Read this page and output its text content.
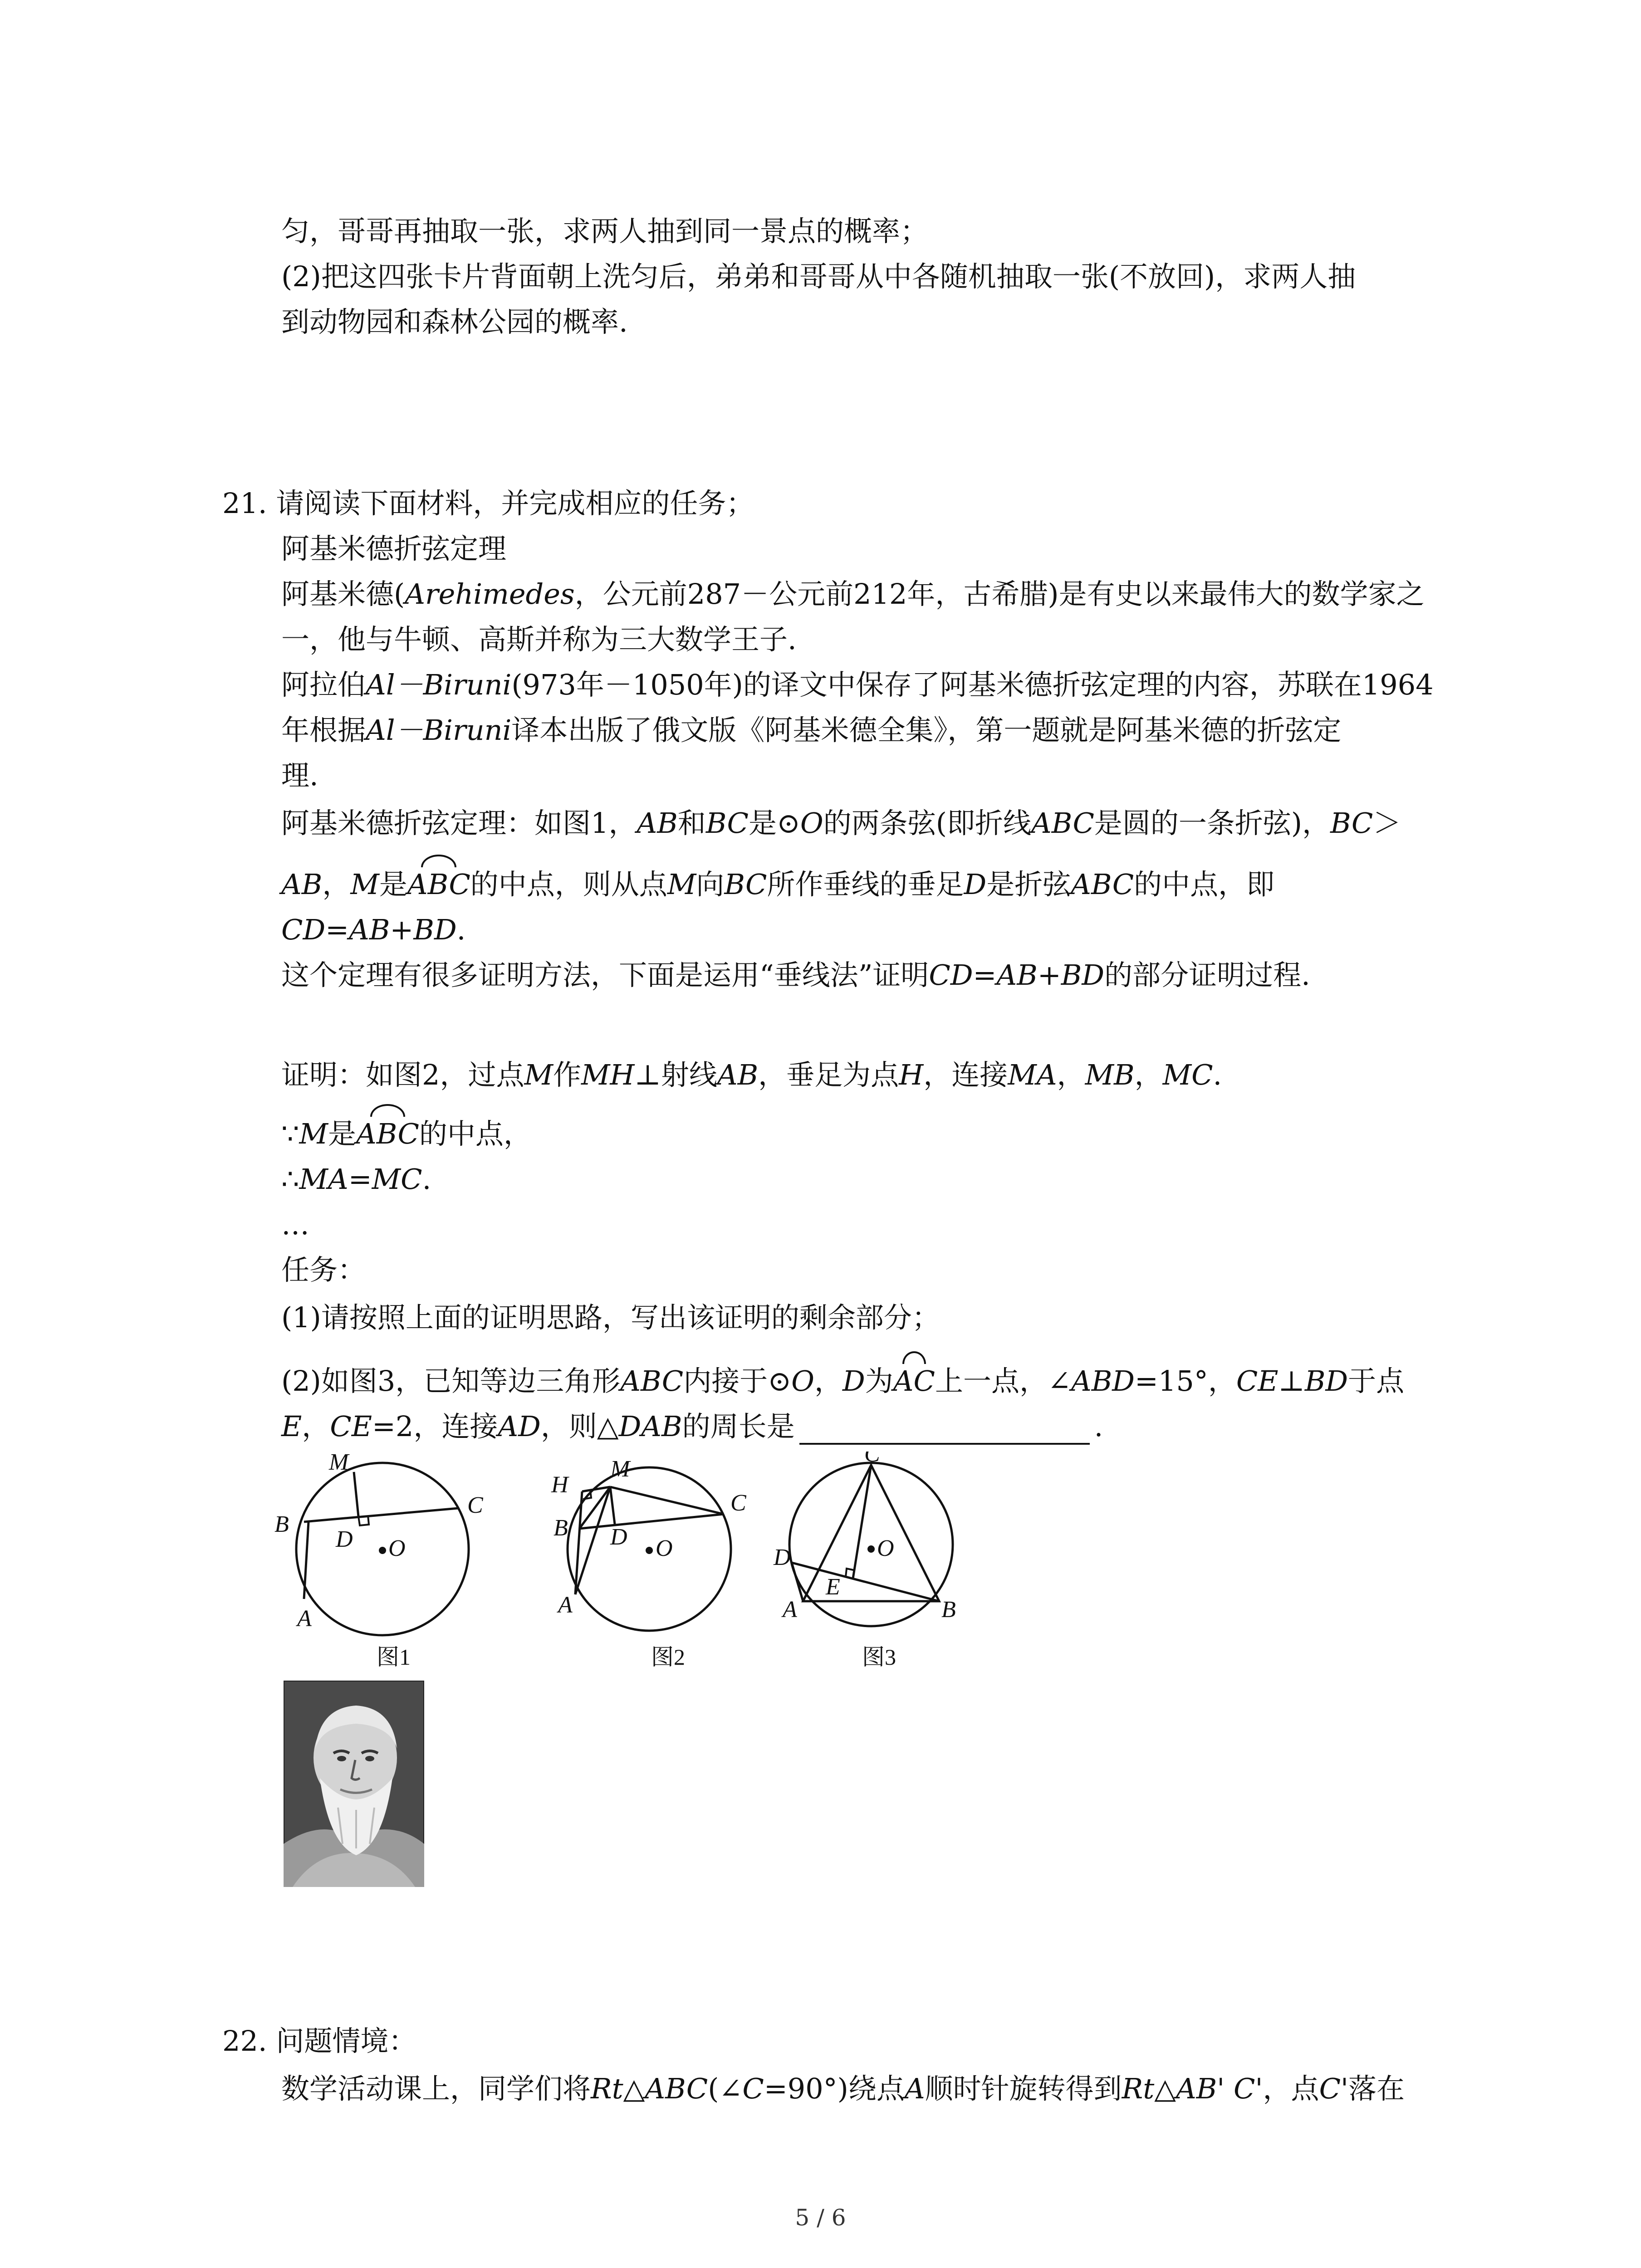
匀，哥哥再抽取一张，求两人抽到同一景点的概率；
(2)把这四张卡片背面朝上洗匀后，弟弟和哥哥从中各随机抽取一张(不放回)，求两人抽
到动物园和森林公园的概率.
21. 请阅读下面材料，并完成相应的任务；
阿基米德折弦定理
阿基米德(Arehimedes，公元前287－公元前212年，古希腊)是有史以来最伟大的数学家之
一，他与牛顿、高斯并称为三大数学王子.
阿拉伯Al－Biruni(973年－1050年)的译文中保存了阿基米德折弦定理的内容，苏联在1964
年根据Al－Biruni译本出版了俄文版《阿基米德全集》，第一题就是阿基米德的折弦定
理.
阿基米德折弦定理：如图1，AB和BC是⊙O的两条弦(即折线ABC是圆的一条折弦)，BC＞
AB，M是ABC的中点，则从点M向BC所作垂线的垂足D是折弦ABC的中点，即
CD=AB+BD.
这个定理有很多证明方法，下面是运用“垂线法”证明CD=AB+BD的部分证明过程.
证明：如图2，过点M作MH⊥射线AB，垂足为点H，连接MA，MB，MC.
∵M是ABC的中点，
∴MA=MC.
…
任务：
(1)请按照上面的证明思路，写出该证明的剩余部分；
(2)如图3，已知等边三角形ABC内接于⊙O，D为AC上一点，∠ABD=15°，CE⊥BD于点
E，CE=2，连接AD，则△DAB的周长是	.
M
B
C
D O
A
图1
H
M
B
C
D O
A
图2
C
D	O
E
A	B
图3
22. 问题情境：
数学活动课上，同学们将Rt△ABC(∠C=90°)绕点A顺时针旋转得到Rt△AB' C'，点C'落在
5 / 6
